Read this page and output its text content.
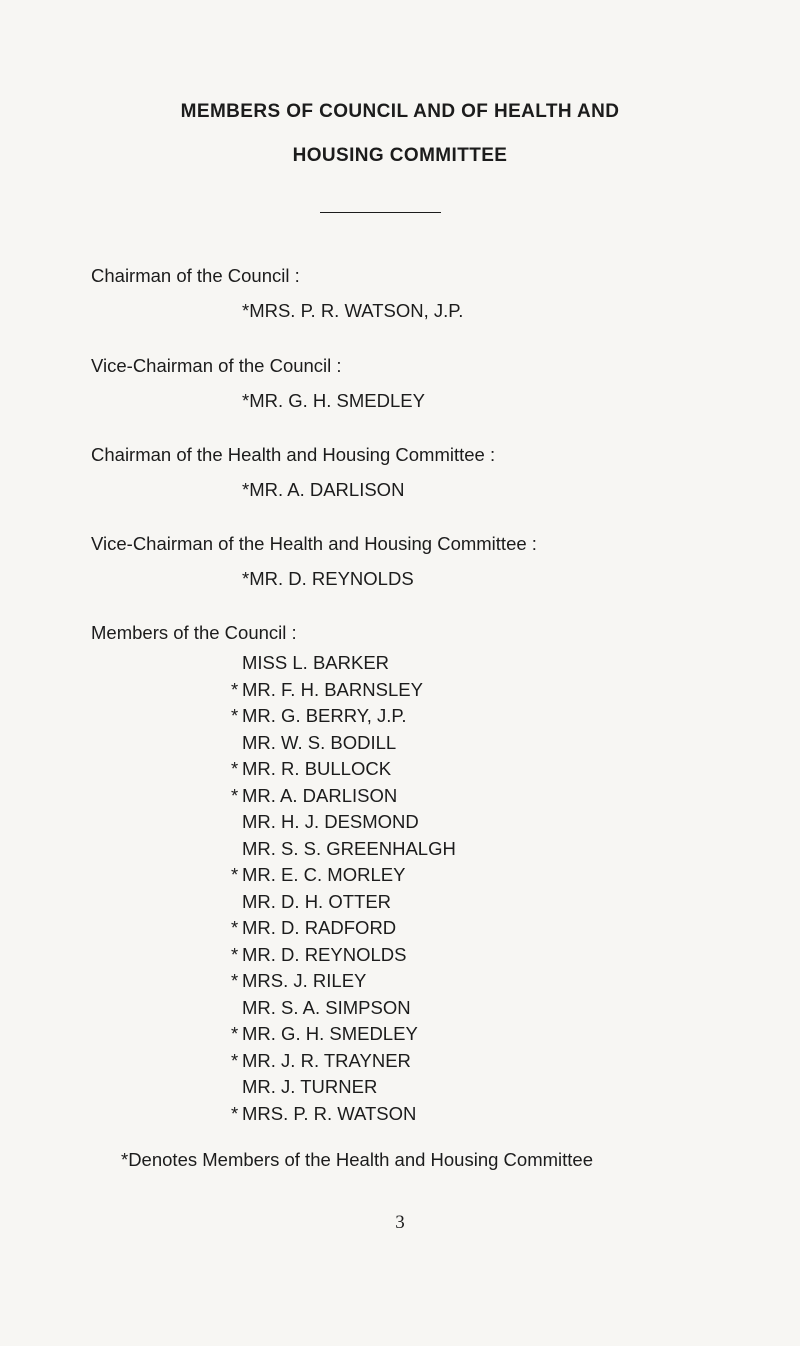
MEMBERS OF COUNCIL AND OF HEALTH AND
HOUSING COMMITTEE
Chairman of the Council :
*MRS. P. R. WATSON, J.P.
Vice-Chairman of the Council :
*MR. G. H. SMEDLEY
Chairman of the Health and Housing Committee :
*MR. A. DARLISON
Vice-Chairman of the Health and Housing Committee :
*MR. D. REYNOLDS
Members of the Council :
MISS L. BARKER
* MR. F. H. BARNSLEY
* MR. G. BERRY, J.P.
MR. W. S. BODILL
* MR. R. BULLOCK
* MR. A. DARLISON
MR. H. J. DESMOND
MR. S. S. GREENHALGH
* MR. E. C. MORLEY
MR. D. H. OTTER
* MR. D. RADFORD
* MR. D. REYNOLDS
* MRS. J. RILEY
MR. S. A. SIMPSON
* MR. G. H. SMEDLEY
* MR. J. R. TRAYNER
MR. J. TURNER
* MRS. P. R. WATSON
*Denotes Members of the Health and Housing Committee
3
